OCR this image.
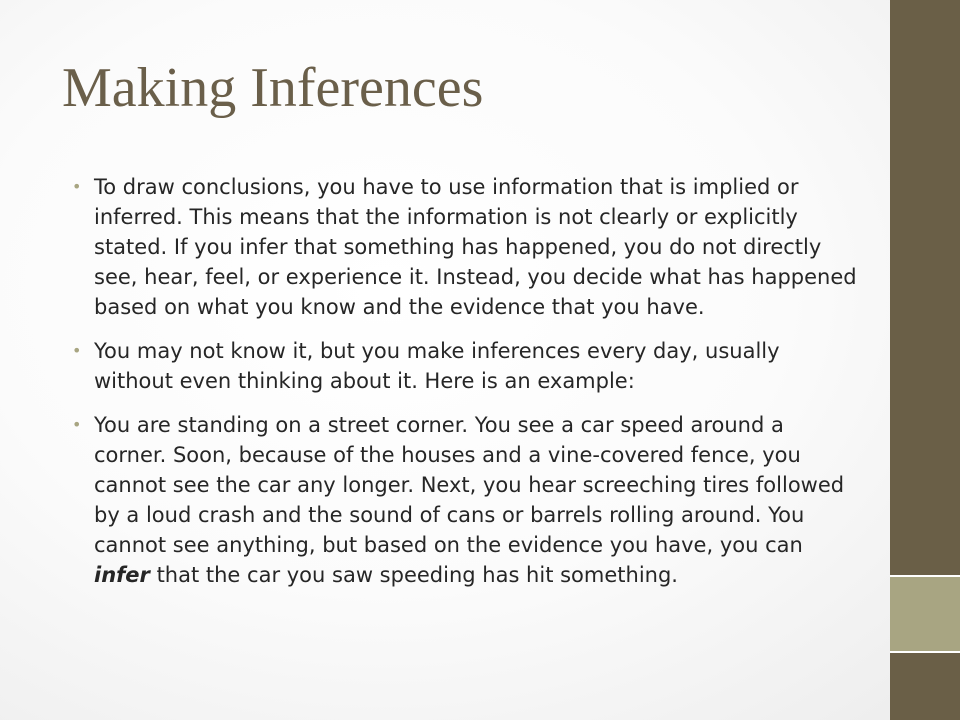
Making Inferences
• To draw conclusions, you have to use information that is implied or inferred. This means that the information is not clearly or explicitly stated. If you infer that something has happened, you do not directly see, hear, feel, or experience it. Instead, you decide what has happened based on what you know and the evidence that you have.
• You may not know it, but you make inferences every day, usually without even thinking about it. Here is an example:
• You are standing on a street corner. You see a car speed around a corner. Soon, because of the houses and a vine-covered fence, you cannot see the car any longer. Next, you hear screeching tires followed by a loud crash and the sound of cans or barrels rolling around. You cannot see anything, but based on the evidence you have, you can infer that the car you saw speeding has hit something.
